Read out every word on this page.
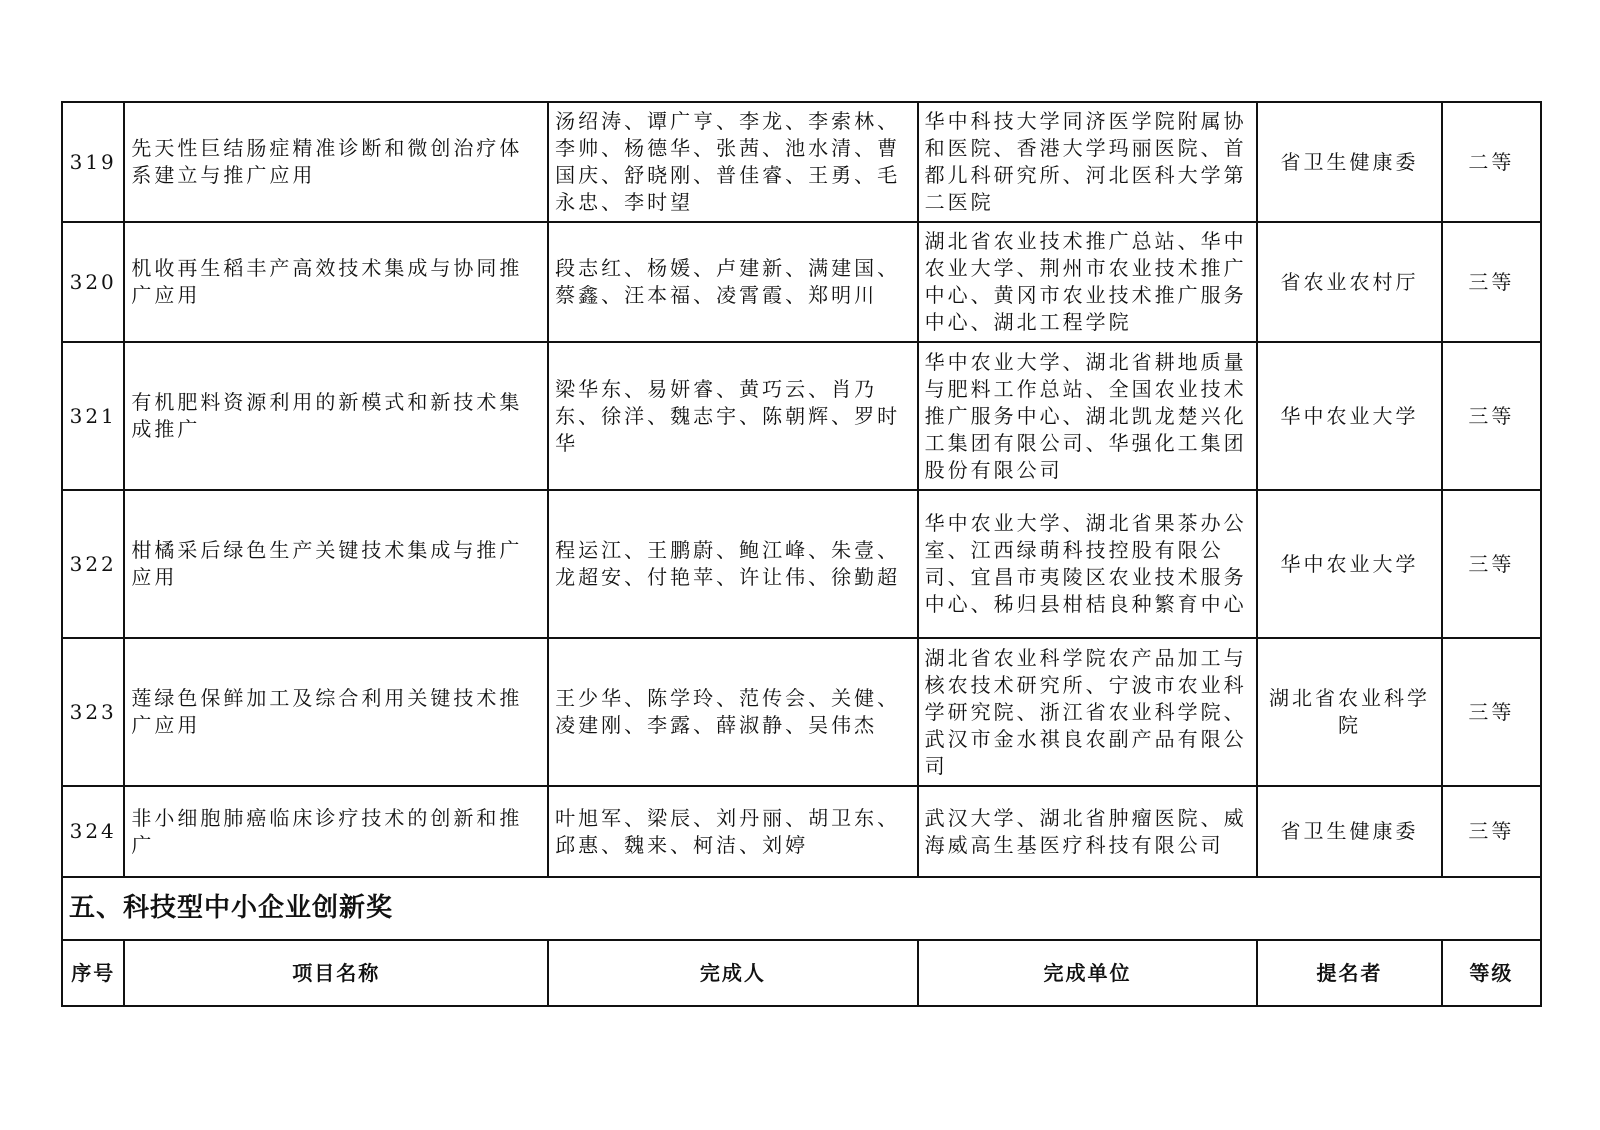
319	先天性巨结肠症精准诊断和微创治疗体系建立与推广应用	汤绍涛、谭广亨、李龙、李索林、李帅、杨德华、张茜、池水清、曹国庆、舒晓刚、普佳睿、王勇、毛永忠、李时望	华中科技大学同济医学院附属协和医院、香港大学玛丽医院、首都儿科研究所、河北医科大学第二医院	省卫生健康委	二等
320	机收再生稻丰产高效技术集成与协同推广应用	段志红、杨媛、卢建新、满建国、蔡鑫、汪本福、凌霄霞、郑明川	湖北省农业技术推广总站、华中农业大学、荆州市农业技术推广中心、黄冈市农业技术推广服务中心、湖北工程学院	省农业农村厅	三等
321	有机肥料资源利用的新模式和新技术集成推广	梁华东、易妍睿、黄巧云、肖乃东、徐洋、魏志宇、陈朝辉、罗时华	华中农业大学、湖北省耕地质量与肥料工作总站、全国农业技术推广服务中心、湖北凯龙楚兴化工集团有限公司、华强化工集团股份有限公司	华中农业大学	三等
322	柑橘采后绿色生产关键技术集成与推广应用	程运江、王鹏蔚、鲍江峰、朱壹、龙超安、付艳苹、许让伟、徐勤超	华中农业大学、湖北省果茶办公室、江西绿萌科技控股有限公司、宜昌市夷陵区农业技术服务中心、秭归县柑桔良种繁育中心	华中农业大学	三等
323	莲绿色保鲜加工及综合利用关键技术推广应用	王少华、陈学玲、范传会、关健、凌建刚、李露、薛淑静、吴伟杰	湖北省农业科学院农产品加工与核农技术研究所、宁波市农业科学研究院、浙江省农业科学院、武汉市金水祺良农副产品有限公司	湖北省农业科学院	三等
324	非小细胞肺癌临床诊疗技术的创新和推广	叶旭军、梁辰、刘丹丽、胡卫东、邱惠、魏来、柯洁、刘婷	武汉大学、湖北省肿瘤医院、威海威高生基医疗科技有限公司	省卫生健康委	三等
五、科技型中小企业创新奖					
序号	项目名称	完成人	完成单位	提名者	等级
